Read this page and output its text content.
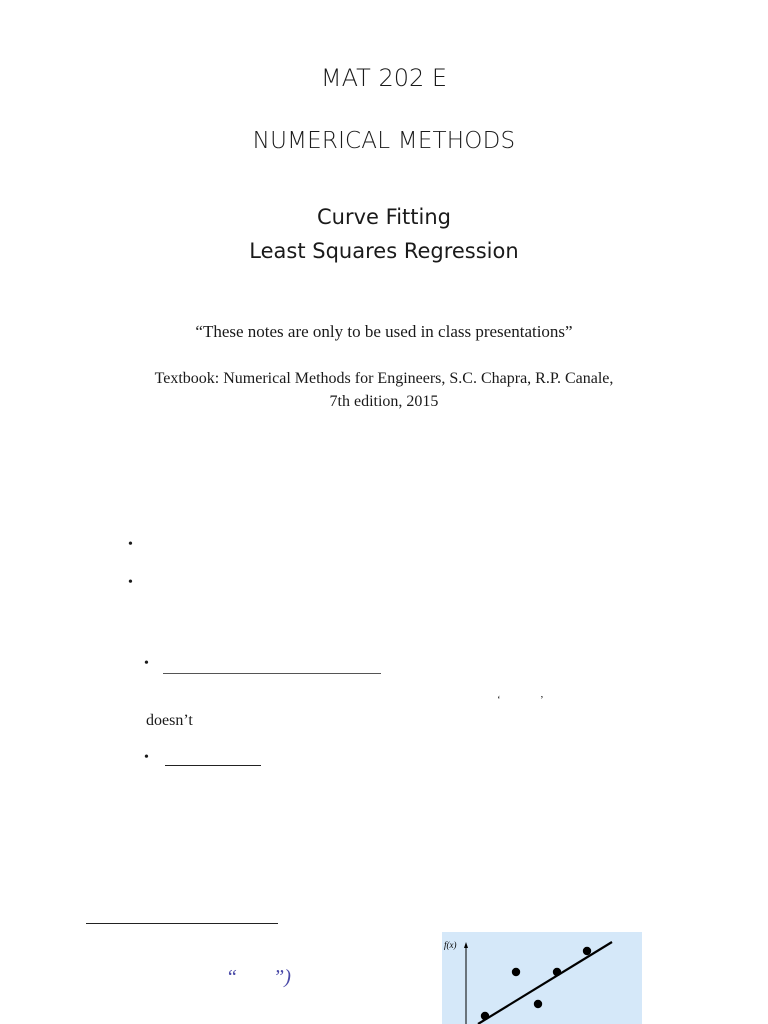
MAT 202 E
NUMERICAL METHODS
Curve Fitting
Least Squares Regression
“These notes are only to be used in class presentations”
Textbook: Numerical Methods for Engineers, S.C. Chapra, R.P. Canale,
7th edition, 2015
•
•
•
‘	’
doesn’t
•
“ ”)
f(x)
